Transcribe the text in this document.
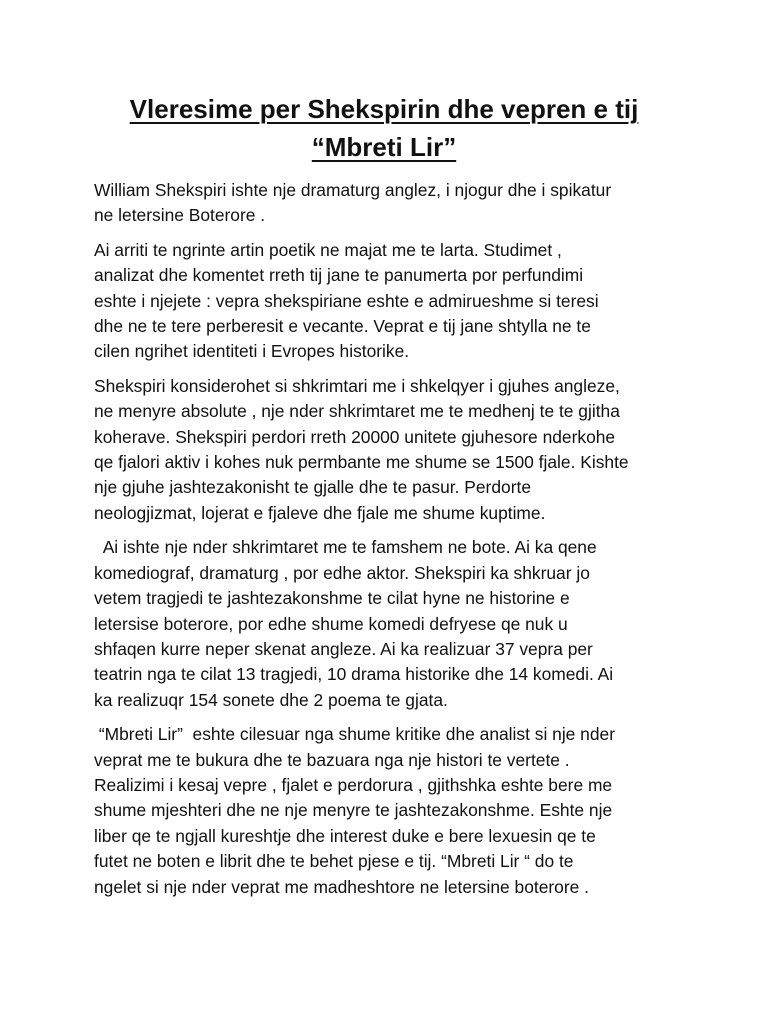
Vleresime per Shekspirin dhe vepren e tij
“Mbreti Lir”

William Shekspiri ishte nje dramaturg anglez, i njogur dhe i spikatur
ne letersine Boterore .

Ai arriti te ngrinte artin poetik ne majat me te larta. Studimet ,
analizat dhe komentet rreth tij jane te panumerta por perfundimi
eshte i njejete : vepra shekspiriane eshte e admirueshme si teresi
dhe ne te tere perberesit e vecante. Veprat e tij jane shtylla ne te
cilen ngrihet identiteti i Evropes historike.

Shekspiri konsiderohet si shkrimtari me i shkelqyer i gjuhes angleze,
ne menyre absolute , nje nder shkrimtaret me te medhenj te te gjitha
koherave. Shekspiri perdori rreth 20000 unitete gjuhesore nderkohe
qe fjalori aktiv i kohes nuk permbante me shume se 1500 fjale. Kishte
nje gjuhe jashtezakonisht te gjalle dhe te pasur. Perdorte
neologjizmat, lojerat e fjaleve dhe fjale me shume kuptime.

Ai ishte nje nder shkrimtaret me te famshem ne bote. Ai ka qene
komediograf, dramaturg , por edhe aktor. Shekspiri ka shkruar jo
vetem tragjedi te jashtezakonshme te cilat hyne ne historine e
letersise boterore, por edhe shume komedi defryese qe nuk u
shfaqen kurre neper skenat angleze. Ai ka realizuar 37 vepra per
teatrin nga te cilat 13 tragjedi, 10 drama historike dhe 14 komedi. Ai
ka realizuqr 154 sonete dhe 2 poema te gjata.

“Mbreti Lir”  eshte cilesuar nga shume kritike dhe analist si nje nder
veprat me te bukura dhe te bazuara nga nje histori te vertete .
Realizimi i kesaj vepre , fjalet e perdorura , gjithshka eshte bere me
shume mjeshteri dhe ne nje menyre te jashtezakonshme. Eshte nje
liber qe te ngjall kureshtje dhe interest duke e bere lexuesin qe te
futet ne boten e librit dhe te behet pjese e tij. “Mbreti Lir “ do te
ngelet si nje nder veprat me madheshtore ne letersine boterore .
